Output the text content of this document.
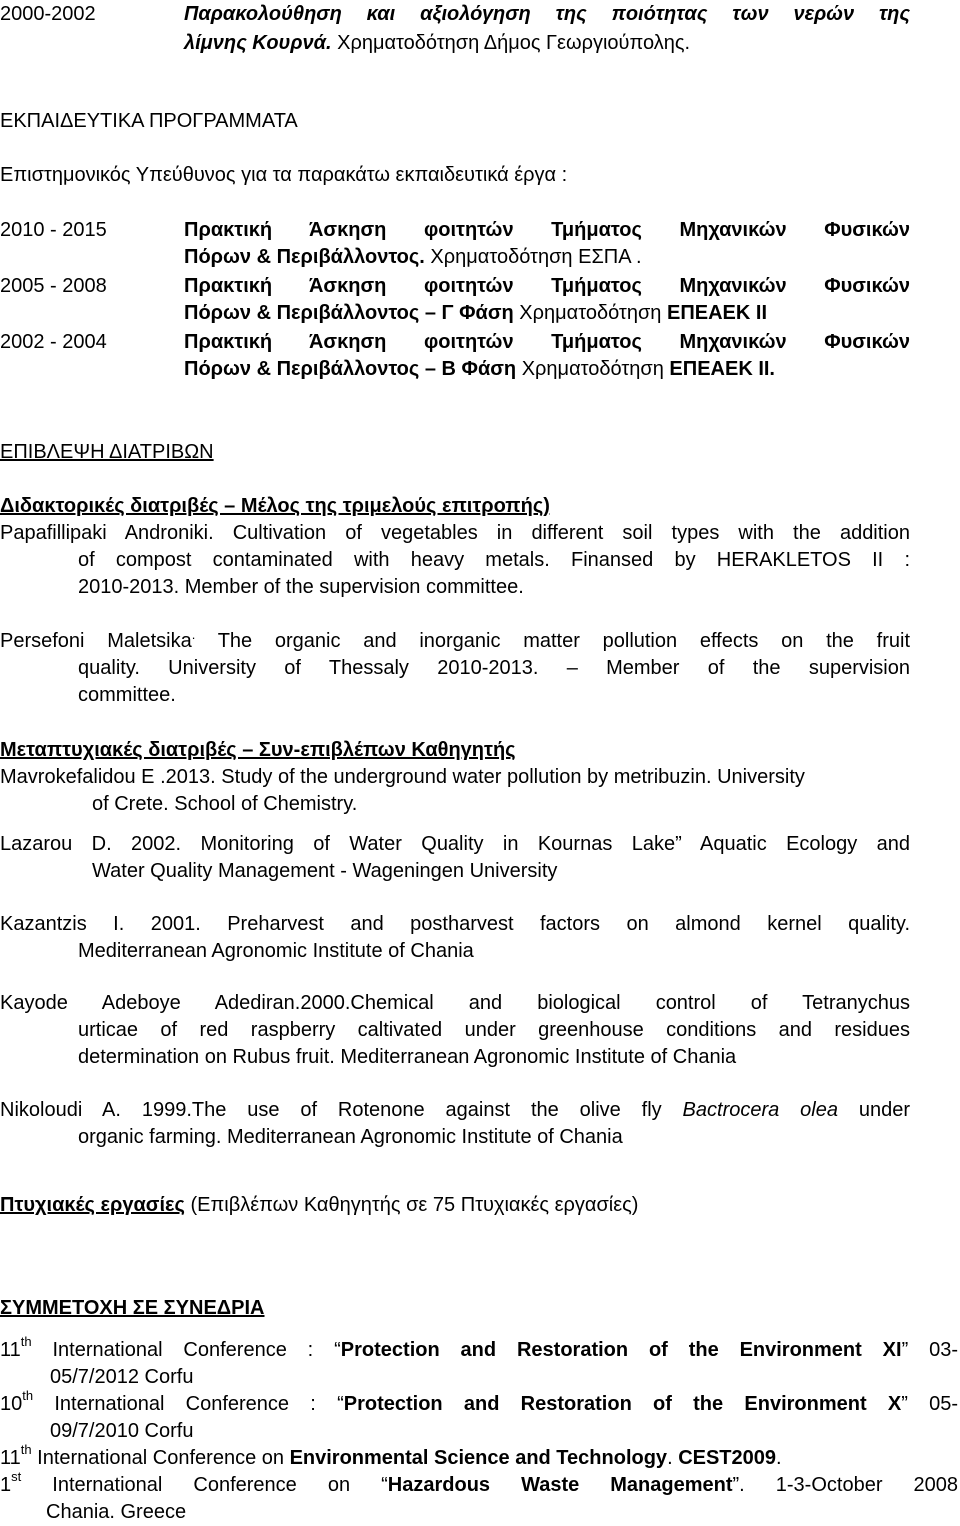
2000-2002	Παρακολούθηση και αξιολόγηση της ποιότητας των νερών της
λίμνης Κουρνά. Χρηματοδότηση Δήμος Γεωργιούπολης.
ΕΚΠΑΙΔΕΥΤΙΚΑ ΠΡΟΓΡΑΜΜΑΤΑ
Επιστημονικός Υπεύθυνος για τα παρακάτω εκπαιδευτικά έργα :
2010 - 2015	Πρακτική Άσκηση φοιτητών Τμήματος Μηχανικών Φυσικών
Πόρων & Περιβάλλοντος. Χρηματοδότηση ΕΣΠΑ .
2005 - 2008	Πρακτική Άσκηση φοιτητών Τμήματος Μηχανικών Φυσικών
Πόρων & Περιβάλλοντος – Γ Φάση Χρηματοδότηση ΕΠΕΑΕΚ ΙΙ
2002 - 2004	Πρακτική Άσκηση φοιτητών Τμήματος Μηχανικών Φυσικών
Πόρων & Περιβάλλοντος – Β Φάση Χρηματοδότηση ΕΠΕΑΕΚ ΙΙ.
ΕΠΙΒΛΕΨΗ ΔΙΑΤΡΙΒΩΝ
Διδακτορικές διατριβές – Μέλος της τριμελούς επιτροπής)
Papafillipaki Androniki. Cultivation of vegetables in different soil types with the addition
of compost contaminated with heavy metals. Finansed by HERAKLETOS II :
2010-2013. Member of the supervision committee.
Persefoni Maletsika. The organic and inorganic matter pollution effects on the fruit
quality. University of Thessaly 2010-2013. – Member of the supervision
committee.
Μεταπτυχιακές διατριβές – Συν-επιβλέπων Καθηγητής
Mavrokefalidou E .2013. Study of the underground water pollution by metribuzin. University
of Crete. School of Chemistry.
Lazarou D. 2002. Monitoring of Water Quality in Kournas Lake” Aquatic Ecology and
Water Quality Management - Wageningen University
Kazantzis I. 2001. Preharvest and postharvest factors on almond kernel quality.
Mediterranean Agronomic Institute of Chania
Kayode Adeboye Adediran.2000.Chemical and biological control of Tetranychus
urticae of red raspberry caltivated under greenhouse conditions and residues
determination on Rubus fruit. Mediterranean Agronomic Institute of Chania
Nikoloudi A. 1999.The use of Rotenone against the olive fly Bactrocera olea under
organic farming. Mediterranean Agronomic Institute of Chania
Πτυχιακές εργασίες (Επιβλέπων Καθηγητής σε 75 Πτυχιακές εργασίες)
ΣΥΜΜΕΤΟΧΗ ΣΕ ΣΥΝΕΔΡΙΑ
11th International Conference : “Protection and Restoration of the Environment XI” 03-
05/7/2012 Corfu
10th International Conference : “Protection and Restoration of the Environment X” 05-
09/7/2010 Corfu
11th International Conference on Environmental Science and Technology. CEST2009.
1st International Conference on “Hazardous Waste Management”. 1-3-October 2008
Chania. Greece
